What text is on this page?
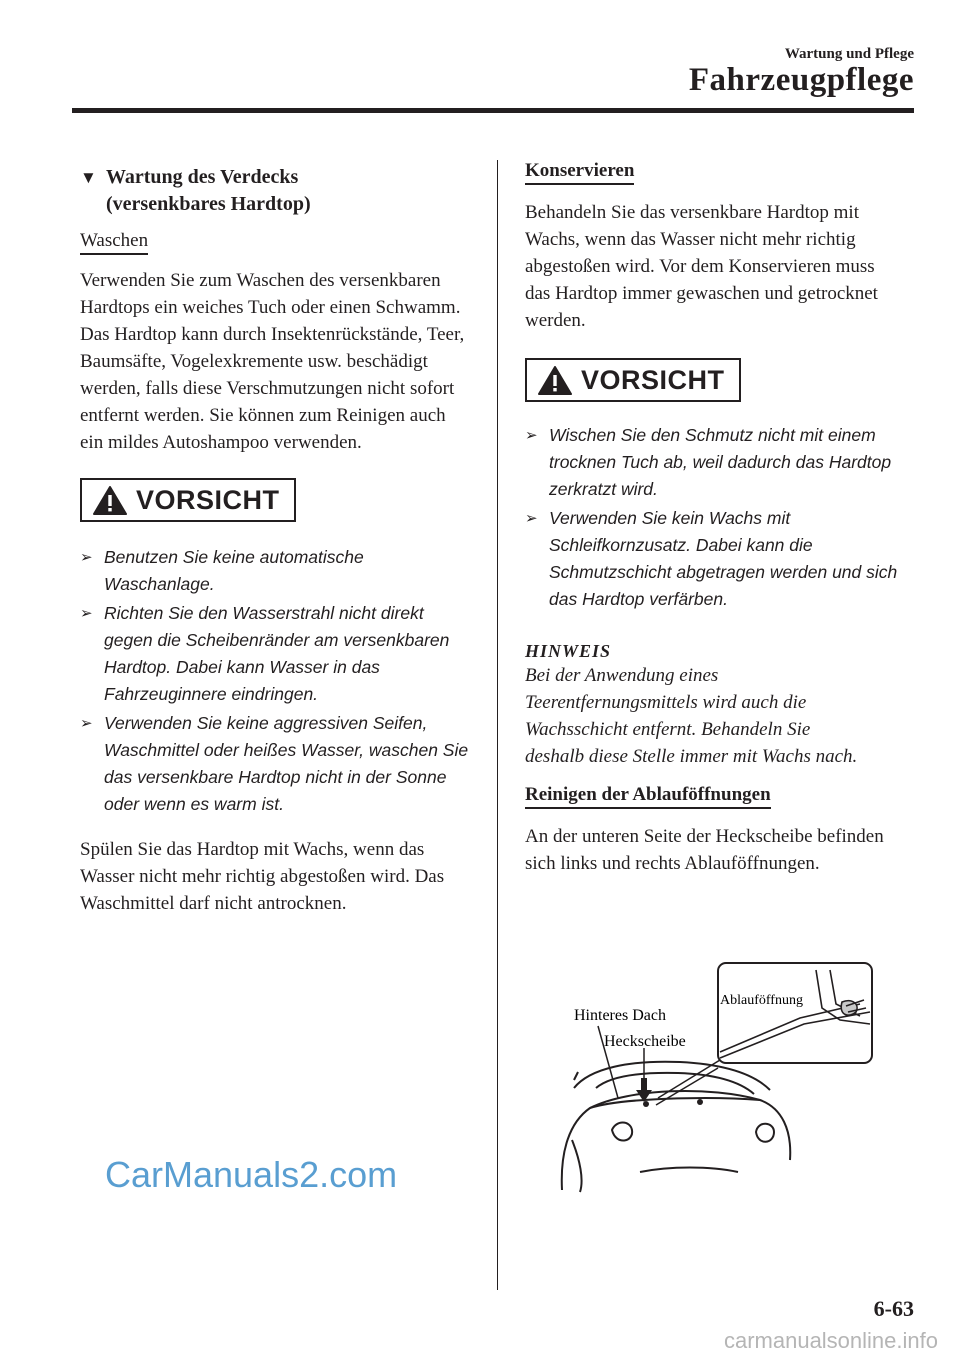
Wartung und Pflege
Fahrzeugpflege
▼ Wartung des Verdecks
(versenkbares Hardtop)
Waschen

Verwenden Sie zum Waschen des versenkbaren Hardtops ein weiches Tuch oder einen Schwamm.

Das Hardtop kann durch Insektenrückstände, Teer, Baumsäfte, Vogelexkremente usw. beschädigt werden, falls diese Verschmutzungen nicht sofort entfernt werden. Sie können zum Reinigen auch ein mildes Autoshampoo verwenden.

VORSICHT
➢ Benutzen Sie keine automatische Waschanlage.
➢ Richten Sie den Wasserstrahl nicht direkt gegen die Scheibenränder am versenkbaren Hardtop. Dabei kann Wasser in das Fahrzeuginnere eindringen.
➢ Verwenden Sie keine aggressiven Seifen, Waschmittel oder heißes Wasser, waschen Sie das versenkbare Hardtop nicht in der Sonne oder wenn es warm ist.

Spülen Sie das Hardtop mit Wachs, wenn das Wasser nicht mehr richtig abgestoßen wird. Das Waschmittel darf nicht antrocknen.

Konservieren

Behandeln Sie das versenkbare Hardtop mit Wachs, wenn das Wasser nicht mehr richtig abgestoßen wird. Vor dem Konservieren muss das Hardtop immer gewaschen und getrocknet werden.

VORSICHT
➢ Wischen Sie den Schmutz nicht mit einem trocknen Tuch ab, weil dadurch das Hardtop zerkratzt wird.
➢ Verwenden Sie kein Wachs mit Schleifkornzusatz. Dabei kann die Schmutzschicht abgetragen werden und sich das Hardtop verfärben.
HINWEIS

Bei der Anwendung eines Teerentfernungsmittels wird auch die Wachsschicht entfernt. Behandeln Sie deshalb diese Stelle immer mit Wachs nach.

Reinigen der Ablauföffnungen

An der unteren Seite der Heckscheibe befinden sich links und rechts Ablauföffnungen.

Ablauföffnung
Hinteres Dach
Heckscheibe
CarManuals2.com
6-63
carmanualsonline.info
